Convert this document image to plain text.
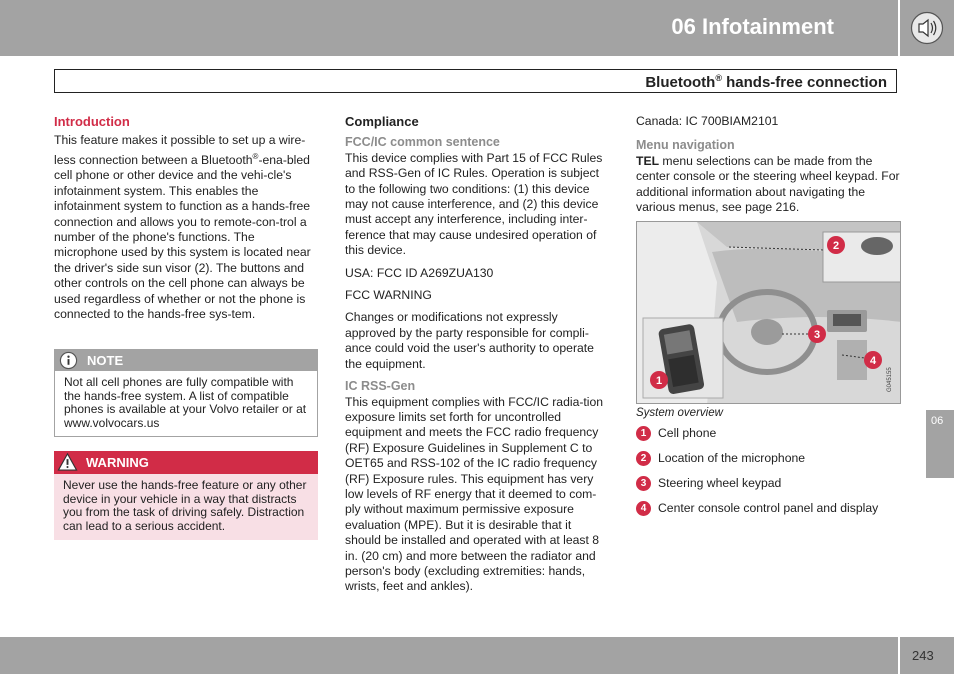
06 Infotainment
Bluetooth® hands-free connection
Introduction

This feature makes it possible to set up a wire-less connection between a Bluetooth®-ena-bled cell phone or other device and the vehi-cle's infotainment system. This enables the infotainment system to function as a hands-free connection and allows you to remote-con-trol a number of the phone's functions. The microphone used by this system is located near the driver's side sun visor (2). The buttons and other controls on the cell phone can always be used regardless of whether or not the phone is connected to the hands-free sys-tem.

NOTE
Not all cell phones are fully compatible with the hands-free system. A list of compatible phones is available at your Volvo retailer or at www.volvocars.us
WARNING
Never use the hands-free feature or any other device in your vehicle in a way that distracts you from the task of driving safely. Distraction can lead to a serious accident.
Compliance
FCC/IC common sentence

This device complies with Part 15 of FCC Rules and RSS-Gen of IC Rules. Operation is subject to the following two conditions: (1) this device may not cause interference, and (2) this device must accept any interference, including inter-ference that may cause undesired operation of this device.

USA: FCC ID A269ZUA130

FCC WARNING

Changes or modifications not expressly approved by the party responsible for compli-ance could void the user's authority to operate the equipment.

IC RSS-Gen

This equipment complies with FCC/IC radia-tion exposure limits set forth for uncontrolled equipment and meets the FCC radio frequency (RF) Exposure Guidelines in Supplement C to OET65 and RSS-102 of the IC radio frequency (RF) Exposure rules. This equipment has very low levels of RF energy that it deemed to com-ply without maximum permissive exposure evaluation (MPE). But it is desirable that it should be installed and operated with at least 8 in. (20 cm) and more between the radiator and person's body (excluding extremities: hands, wrists, feet and ankles).

Canada: IC 700BIAM2101

Menu navigation

TEL menu selections can be made from the center console or the steering wheel keypad. For additional information about navigating the various menus, see page 216.

2
3
4
1	G045155
System overview
1 Cell phone
2 Location of the microphone
3 Steering wheel keypad
4 Center console control panel and display
06
243
